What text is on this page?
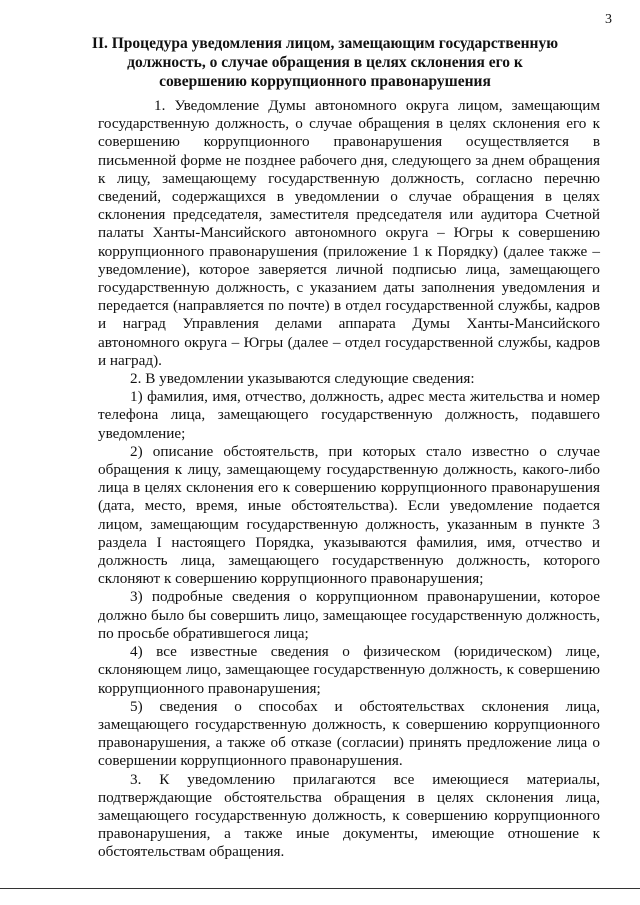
3
II. Процедура уведомления лицом, замещающим государственную должность, о случае обращения в целях склонения его к совершению коррупционного правонарушения

1. Уведомление Думы автономного округа лицом, замещающим государственную должность, о случае обращения в целях склонения его к совершению коррупционного правонарушения осуществляется в письменной форме не позднее рабочего дня, следующего за днем обращения к лицу, замещающему государственную должность, согласно перечню сведений, содержащихся в уведомлении о случае обращения в целях склонения председателя, заместителя председателя или аудитора Счетной палаты Ханты-Мансийского автономного округа – Югры к совершению коррупционного правонарушения (приложение 1 к Порядку) (далее также – уведомление), которое заверяется личной подписью лица, замещающего государственную должность, с указанием даты заполнения уведомления и передается (направляется по почте) в отдел государственной службы, кадров и наград Управления делами аппарата Думы Ханты-Мансийского автономного округа – Югры (далее – отдел государственной службы, кадров и наград).

2. В уведомлении указываются следующие сведения:

1) фамилия, имя, отчество, должность, адрес места жительства и номер телефона лица, замещающего государственную должность, подавшего уведомление;

2) описание обстоятельств, при которых стало известно о случае обращения к лицу, замещающему государственную должность, какого-либо лица в целях склонения его к совершению коррупционного правонарушения (дата, место, время, иные обстоятельства). Если уведомление подается лицом, замещающим государственную должность, указанным в пункте 3 раздела I настоящего Порядка, указываются фамилия, имя, отчество и должность лица, замещающего государственную должность, которого склоняют к совершению коррупционного правонарушения;

3) подробные сведения о коррупционном правонарушении, которое должно было бы совершить лицо, замещающее государственную должность, по просьбе обратившегося лица;

4) все известные сведения о физическом (юридическом) лице, склоняющем лицо, замещающее государственную должность, к совершению коррупционного правонарушения;

5) сведения о способах и обстоятельствах склонения лица, замещающего государственную должность, к совершению коррупционного правонарушения, а также об отказе (согласии) принять предложение лица о совершении коррупционного правонарушения.

3. К уведомлению прилагаются все имеющиеся материалы, подтверждающие обстоятельства обращения в целях склонения лица, замещающего государственную должность, к совершению коррупционного правонарушения, а также иные документы, имеющие отношение к обстоятельствам обращения.
